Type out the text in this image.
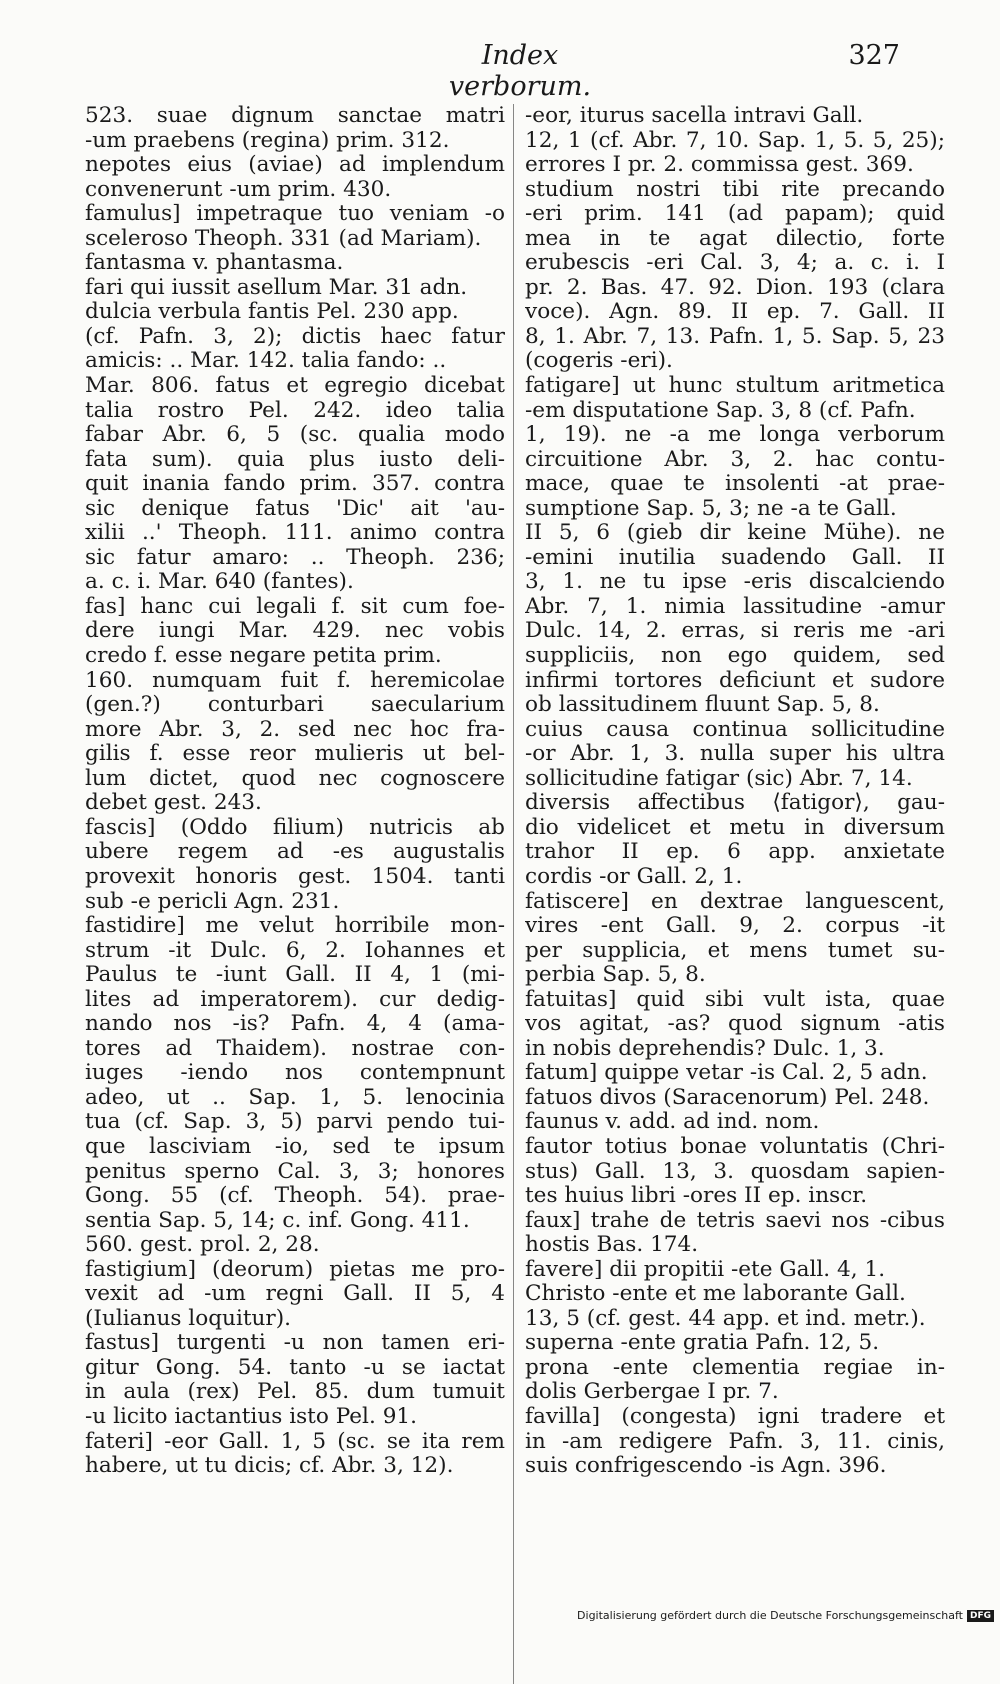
Index verborum.
327
523. suae dignum sanctae matri
-um praebens (regina) prim. 312.
nepotes eius (aviae) ad implendum
convenerunt -um prim. 430.
famulus] impetraque tuo veniam -o
sceleroso Theoph. 331 (ad Mariam).
fantasma v. phantasma.
fari qui iussit asellum Mar. 31 adn.
dulcia verbula fantis Pel. 230 app.
(cf. Pafn. 3, 2); dictis haec fatur
amicis: .. Mar. 142. talia fando: ..
Mar. 806. fatus et egregio dicebat
talia rostro Pel. 242. ideo talia
fabar Abr. 6, 5 (sc. qualia modo
fata sum). quia plus iusto deli-
quit inania fando prim. 357. contra
sic denique fatus 'Dic' ait 'au-
xilii ..' Theoph. 111. animo contra
sic fatur amaro: .. Theoph. 236;
a. c. i. Mar. 640 (fantes).
fas] hanc cui legali f. sit cum foe-
dere iungi Mar. 429. nec vobis
credo f. esse negare petita prim.
160. numquam fuit f. heremicolae
(gen.?) conturbari saecularium
more Abr. 3, 2. sed nec hoc fra-
gilis f. esse reor mulieris ut bel-
lum dictet, quod nec cognoscere
debet gest. 243.
fascis] (Oddo filium) nutricis ab
ubere regem ad -es augustalis
provexit honoris gest. 1504. tanti
sub -e pericli Agn. 231.
fastidire] me velut horribile mon-
strum -it Dulc. 6, 2. Iohannes et
Paulus te -iunt Gall. II 4, 1 (mi-
lites ad imperatorem). cur dedig-
nando nos -is? Pafn. 4, 4 (ama-
tores ad Thaidem). nostrae con-
iuges -iendo nos contempnunt
adeo, ut .. Sap. 1, 5. lenocinia
tua (cf. Sap. 3, 5) parvi pendo tui-
que lasciviam -io, sed te ipsum
penitus sperno Cal. 3, 3; honores
Gong. 55 (cf. Theoph. 54). prae-
sentia Sap. 5, 14; c. inf. Gong. 411.
560. gest. prol. 2, 28.
fastigium] (deorum) pietas me pro-
vexit ad -um regni Gall. II 5, 4
(Iulianus loquitur).
fastus] turgenti -u non tamen eri-
gitur Gong. 54. tanto -u se iactat
in aula (rex) Pel. 85. dum tumuit
-u licito iactantius isto Pel. 91.
fateri] -eor Gall. 1, 5 (sc. se ita rem
habere, ut tu dicis; cf. Abr. 3, 12).
-eor, iturus sacella intravi Gall.
12, 1 (cf. Abr. 7, 10. Sap. 1, 5. 5, 25);
errores I pr. 2. commissa gest. 369.
studium nostri tibi rite precando
-eri prim. 141 (ad papam); quid
mea in te agat dilectio, forte
erubescis -eri Cal. 3, 4; a. c. i. I
pr. 2. Bas. 47. 92. Dion. 193 (clara
voce). Agn. 89. II ep. 7. Gall. II
8, 1. Abr. 7, 13. Pafn. 1, 5. Sap. 5, 23
(cogeris -eri).
fatigare] ut hunc stultum aritmetica
-em disputatione Sap. 3, 8 (cf. Pafn.
1, 19). ne -a me longa verborum
circuitione Abr. 3, 2. hac contu-
mace, quae te insolenti -at prae-
sumptione Sap. 5, 3; ne -a te Gall.
II 5, 6 (gieb dir keine Mühe). ne
-emini inutilia suadendo Gall. II
3, 1. ne tu ipse -eris discalciendo
Abr. 7, 1. nimia lassitudine -amur
Dulc. 14, 2. erras, si reris me -ari
suppliciis, non ego quidem, sed
infirmi tortores deficiunt et sudore
ob lassitudinem fluunt Sap. 5, 8.
cuius causa continua sollicitudine
-or Abr. 1, 3. nulla super his ultra
sollicitudine fatigar (sic) Abr. 7, 14.
diversis affectibus ⟨fatigor⟩, gau-
dio videlicet et metu in diversum
trahor II ep. 6 app. anxietate
cordis -or Gall. 2, 1.
fatiscere] en dextrae languescent,
vires -ent Gall. 9, 2. corpus -it
per supplicia, et mens tumet su-
perbia Sap. 5, 8.
fatuitas] quid sibi vult ista, quae
vos agitat, -as? quod signum -atis
in nobis deprehendis? Dulc. 1, 3.
fatum] quippe vetar -is Cal. 2, 5 adn.
fatuos divos (Saracenorum) Pel. 248.
faunus v. add. ad ind. nom.
fautor totius bonae voluntatis (Chri-
stus) Gall. 13, 3. quosdam sapien-
tes huius libri -ores II ep. inscr.
faux] trahe de tetris saevi nos -cibus
hostis Bas. 174.
favere] dii propitii -ete Gall. 4, 1.
Christo -ente et me laborante Gall.
13, 5 (cf. gest. 44 app. et ind. metr.).
superna -ente gratia Pafn. 12, 5.
prona -ente clementia regiae in-
dolis Gerbergae I pr. 7.
favilla] (congesta) igni tradere et
in -am redigere Pafn. 3, 11. cinis,
suis confrigescendo -is Agn. 396.
Digitalisierung gefördert durch die Deutsche Forschungsgemeinschaft DFG
